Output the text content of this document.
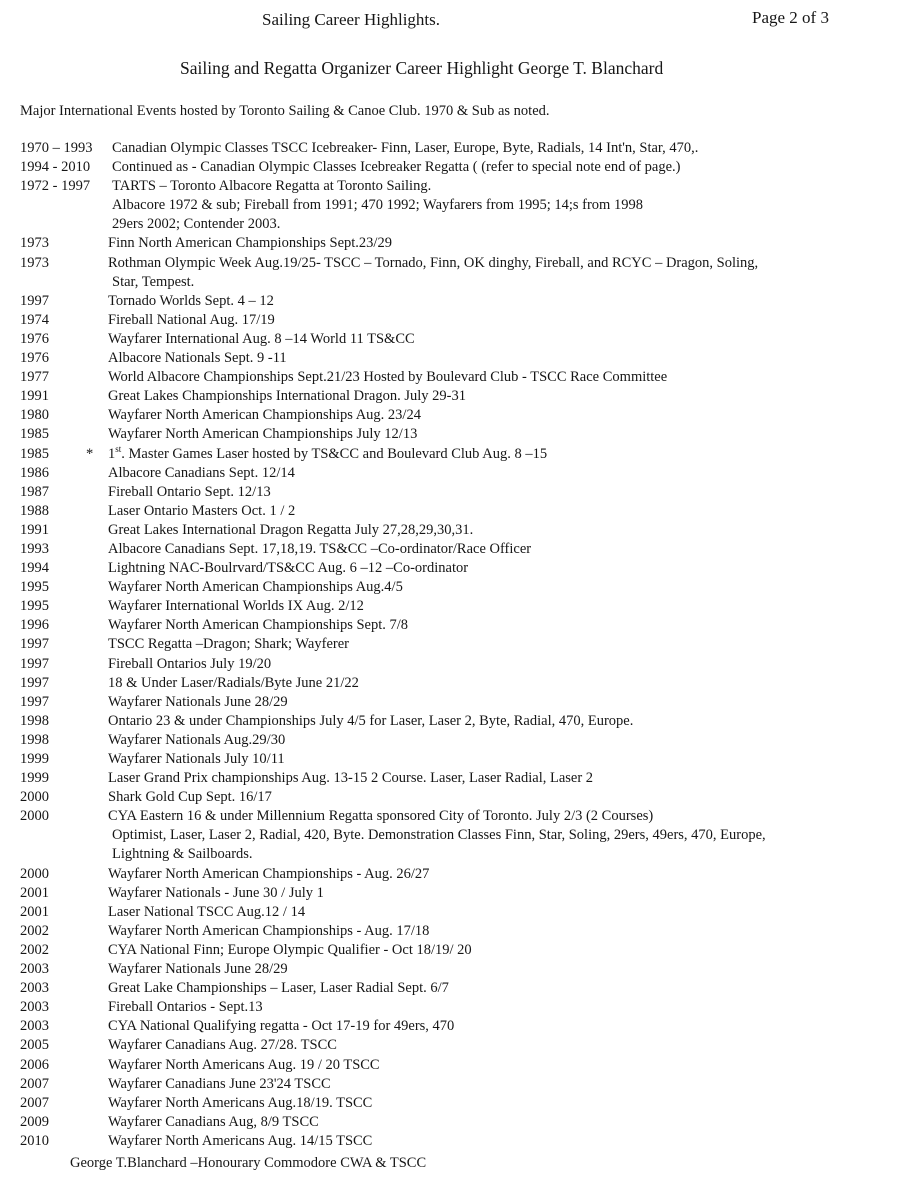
Sailing Career Highlights.	Page 2 of 3
Sailing and Regatta Organizer Career Highlight George T. Blanchard
Major International Events hosted by Toronto Sailing & Canoe Club. 1970 & Sub as noted.
1970 – 1993 Canadian Olympic Classes TSCC Icebreaker- Finn, Laser, Europe, Byte, Radials, 14 Int'n, Star, 470,.
1994 - 2010 Continued as - Canadian Olympic Classes Icebreaker Regatta ( (refer to special note end of page.)
1972 - 1997 TARTS – Toronto Albacore Regatta at Toronto Sailing.
Albacore 1972 & sub; Fireball from 1991; 470 1992; Wayfarers from 1995; 14;s from 1998
29ers 2002; Contender 2003.
1973	Finn North American Championships Sept.23/29
1973	Rothman Olympic Week Aug.19/25- TSCC – Tornado, Finn, OK dinghy, Fireball, and RCYC – Dragon, Soling,
Star, Tempest.
1997	Tornado Worlds Sept. 4 – 12
1974	Fireball National Aug. 17/19
1976	Wayfarer International Aug. 8 –14 World 11 TS&CC
1976	Albacore Nationals Sept. 9 -11
1977	World Albacore Championships Sept.21/23 Hosted by Boulevard Club - TSCC Race Committee
1991	Great Lakes Championships International Dragon. July 29-31
1980	Wayfarer North American Championships Aug. 23/24
1985	Wayfarer North American Championships July 12/13
1985	* 1st. Master Games Laser hosted by TS&CC and Boulevard Club Aug. 8 –15
1986	Albacore Canadians Sept. 12/14
1987	Fireball Ontario Sept. 12/13
1988	Laser Ontario Masters Oct. 1 / 2
1991	Great Lakes International Dragon Regatta July 27,28,29,30,31.
1993	Albacore Canadians Sept. 17,18,19. TS&CC –Co-ordinator/Race Officer
1994	Lightning NAC-Boulrvard/TS&CC Aug. 6 –12 –Co-ordinator
1995	Wayfarer North American Championships Aug.4/5
1995	Wayfarer International Worlds IX Aug. 2/12
1996	Wayfarer North American Championships Sept. 7/8
1997	TSCC Regatta –Dragon; Shark; Wayferer
1997	Fireball Ontarios July 19/20
1997	18 & Under Laser/Radials/Byte June 21/22
1997	Wayfarer Nationals June 28/29
1998	Ontario 23 & under Championships July 4/5 for Laser, Laser 2, Byte, Radial, 470, Europe.
1998	Wayfarer Nationals Aug.29/30
1999	Wayfarer Nationals July 10/11
1999	Laser Grand Prix championships Aug. 13-15 2 Course. Laser, Laser Radial, Laser 2
2000	Shark Gold Cup Sept. 16/17
2000	CYA Eastern 16 & under Millennium Regatta sponsored City of Toronto. July 2/3 (2 Courses)
Optimist, Laser, Laser 2, Radial, 420, Byte. Demonstration Classes Finn, Star, Soling, 29ers, 49ers, 470, Europe,
Lightning & Sailboards.
2000	Wayfarer North American Championships - Aug. 26/27
2001	Wayfarer Nationals - June 30 / July 1
2001	Laser National TSCC Aug.12 / 14
2002	Wayfarer North American Championships - Aug. 17/18
2002	CYA National Finn; Europe Olympic Qualifier - Oct 18/19/ 20
2003	Wayfarer Nationals June 28/29
2003	Great Lake Championships – Laser, Laser Radial Sept. 6/7
2003	Fireball Ontarios - Sept.13
2003	CYA National Qualifying regatta - Oct 17-19 for 49ers, 470
2005	Wayfarer Canadians Aug. 27/28. TSCC
2006	Wayfarer North Americans Aug. 19 / 20 TSCC
2007	Wayfarer Canadians June 23'24 TSCC
2007	Wayfarer North Americans Aug.18/19. TSCC
2009	Wayfarer Canadians Aug, 8/9 TSCC
2010	Wayfarer North Americans Aug. 14/15 TSCC
George T.Blanchard –Honourary Commodore CWA & TSCC
